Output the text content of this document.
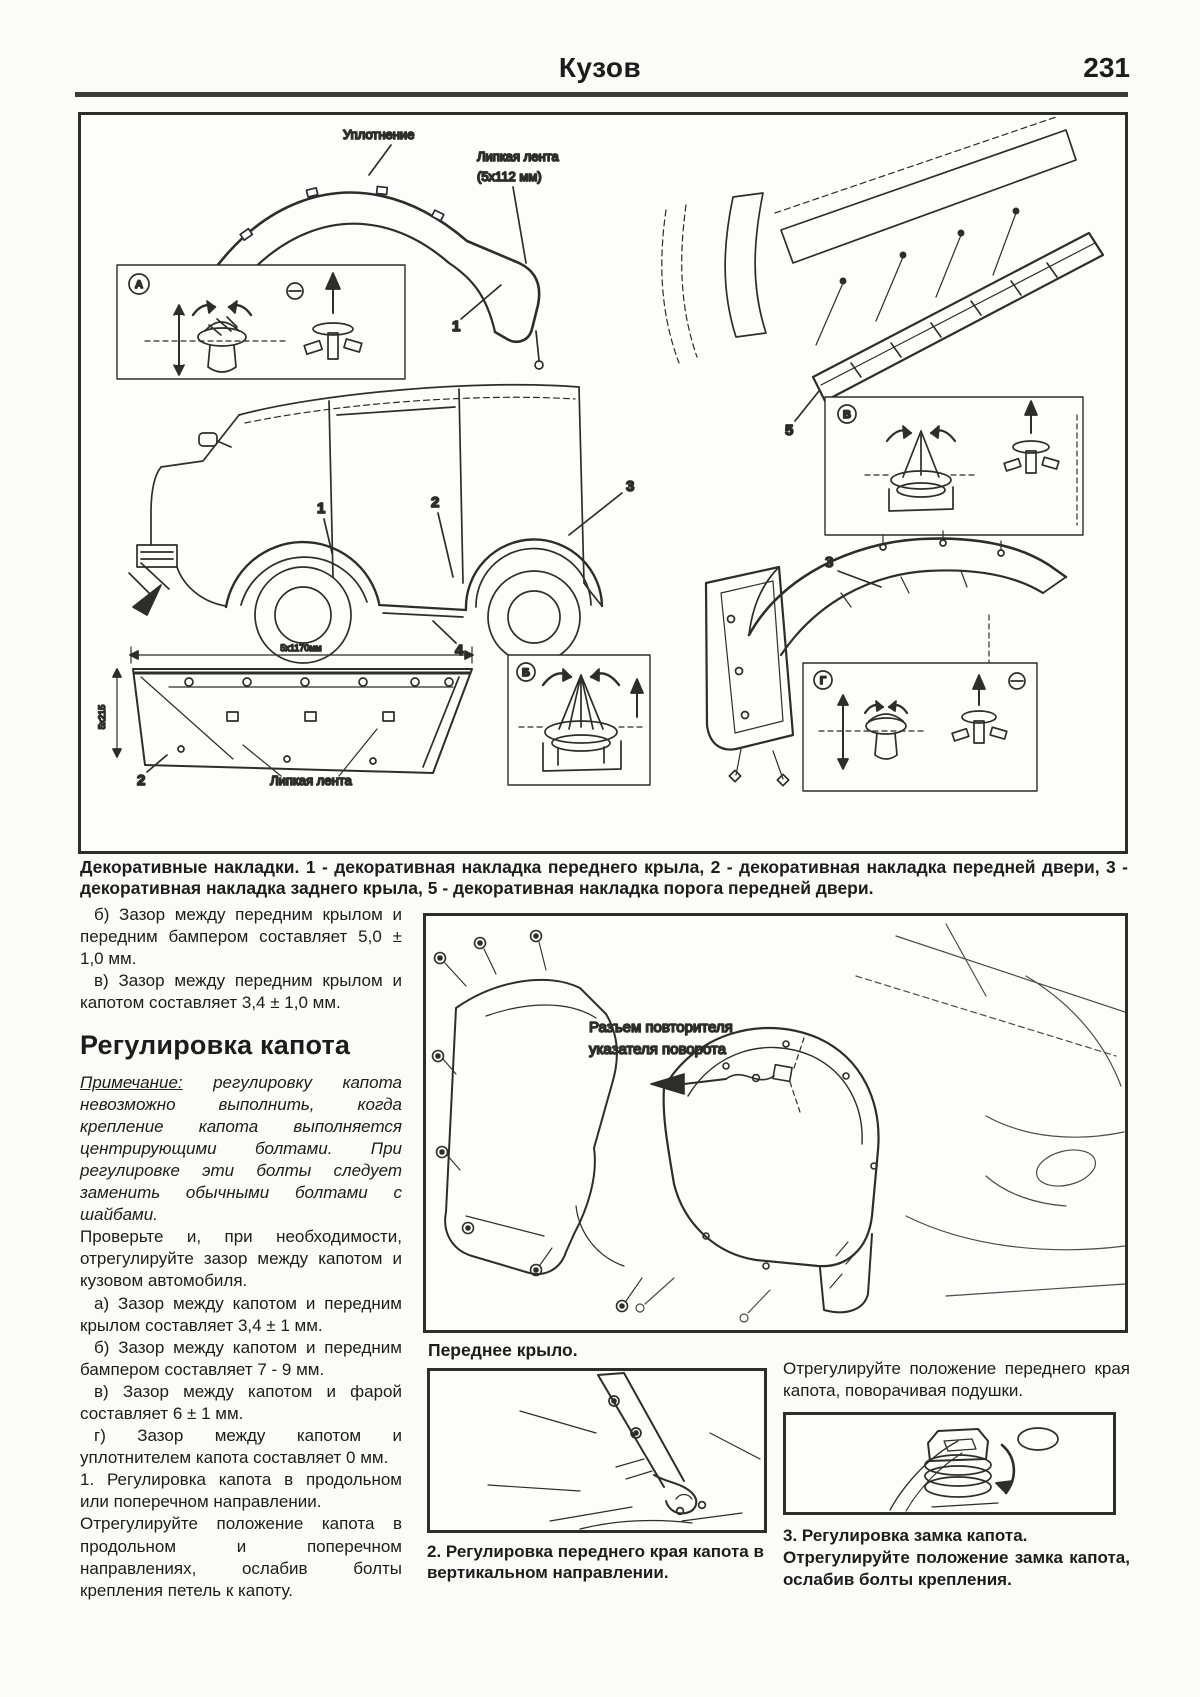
Кузов	231
1
Уплотнение
Липкая лента
(5х112 мм)
А
1	2
3
4
5х1170мм
5х215
Липкая лента
2
Б
5
В
3
Г
Декоративные накладки. 1 - декоративная накладка переднего крыла, 2 - декоративная накладка передней двери, 3 - декоративная накладка заднего крыла, 5 - декоративная накладка порога передней двери.

б) Зазор между передним крылом и передним бампером составляет 5,0 ± 1,0 мм.

в) Зазор между передним крылом и капотом составляет 3,4 ± 1,0 мм.

Регулировка капота

Примечание: регулировку капота невозможно выполнить, когда крепление капота выполняется центрирующими болтами. При регулировке эти болты следует заменить обычными болтами с шайбами.

Проверьте и, при необходимости, отрегулируйте зазор между капотом и кузовом автомобиля.

а) Зазор между капотом и передним крылом составляет 3,4 ± 1 мм.

б) Зазор между капотом и передним бампером составляет 7 - 9 мм.

в) Зазор между капотом и фарой составляет 6 ± 1 мм.

г) Зазор между капотом и уплотнителем капота составляет 0 мм.

1. Регулировка капота в продольном или поперечном направлении.

Отрегулируйте положение капота в продольном и поперечном направлениях, ослабив болты крепления петель к капоту.

Разъем повторителя
указателя поворота
Переднее крыло.
2. Регулировка переднего края капота в вертикальном направлении.

Отрегулируйте положение переднего края капота, поворачивая подушки.

3. Регулировка замка капота.

Отрегулируйте положение замка капота, ослабив болты крепления.
